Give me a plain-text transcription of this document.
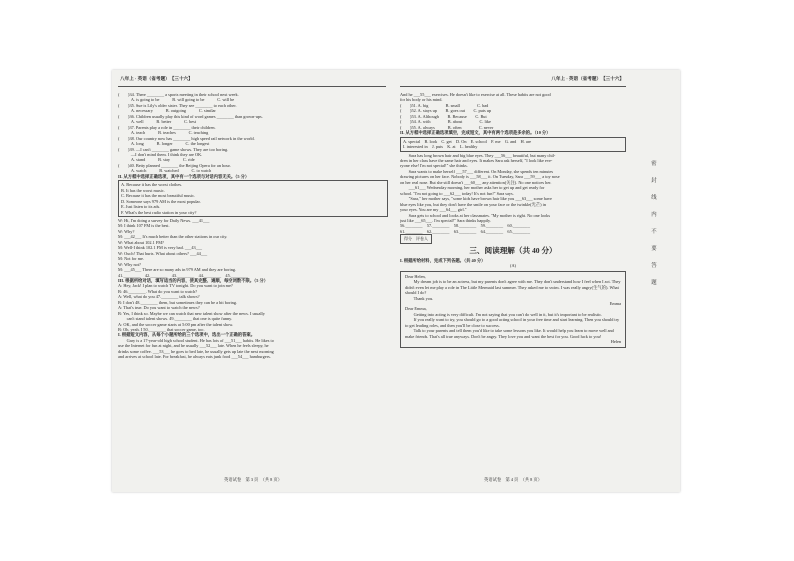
八年上 · 英语（省考题）　【三十六】
(　　)34. There ________ a sports meeting in their school next week.
　　　A. is going to be　　　B. will going to be　　　C. will be
(　　)35. Sue is Lily's older sister. They see ________ to each other.
　　　A. necessary　　　B. outgoing　　　C. similar
(　　)36. Children usually play this kind of word games ________ than grown-ups.
　　　A. well　　　B. better　　　C. best
(　　)37. Parents play a role in ________ their children.
　　　A. teach　　　B. teaches　　　C. teaching
(　　)38. Our country now has ________ high speed rail network in the world.
　　　A. long　　　B. longer　　　C. the longest
(　　)39. —I can't ________ game shows. They are too boring.
　　　—I don't mind them. I think they are OK.
　　　A. stand　　　B. stay　　　C. ride
(　　)40. Betty planned ________ the Beijing Opera for an hour.
　　　A. watch　　　B. watched　　　C. to watch
II. 从方框中选择正确选项，其中有一个选项与对话内容无关。（5 分）
A. Because it has the worst clothes.
B. It has the worst music.
C. Because it has the most beautiful music.
D. Someone says 979 AM is the most popular.
E. Just listen to its ads.
F. What's the best radio station in your city?
W: Hi, I'm doing a survey for Daily News. ___41___
M: I think 107 FM is the best.
W: Why?
M: ___42___ It's much better than the other stations in our city.
W: What about 102.1 FM?
M: Well-I think 102.1 FM is very bad. ___43___
W: Ouch! That hurts. What about others? ___44___
M: Not for me.
W: Why not?
M: ___45___ There are so many ads in 979 AM and they are boring.
41.________　42.________　43.________　44.________　45.________
III. 根据所给对话，填写适当的内容，使其完整、通顺，每空词数不限。（5 分）
A: Hey, Jack! I plan to watch TV tonight. Do you want to join me?
B: 46.________. What do you want to watch?
A: Well, what do you 47.________ talk shows?
B: I don't 48.________ them, but sometimes they can be a bit boring.
A: That's true. Do you want to watch the news?
B: Yes, I think so. Maybe we can watch that new talent show after the news. I usually
　　can't stand talent shows. 49.________ that one is quite funny.
A: OK, and the soccer game starts at 5:00 pm after the talent show.
B: Oh, yeah. I 50.________ that soccer game, too.
I. 根据短文内容，从每个小题所给的三个选项中，选出一个正确的答案。
　　Gary is a 17-year-old high school student. He has lots of ___51___ habits. He likes to
use the Internet for fun at night, and he usually ___52___ late. When he feels sleepy, he
drinks some coffee. ___53___ he goes to bed late, he usually gets up late the next morning
and arrives at school late. For breakfast, he always eats junk food ___54___ hamburgers.
英语试卷　第 3 页　（共 8 页）
八年上 · 英语（省考题）　【三十六】
And he ___55___ exercises. He doesn't like to exercise at all. These habits are not good
for his body or his mind.
(　　)51. A. big　　　　B. small　　　　C. bad
(　　)52. A. stays up　　B. goes out　　C. puts up
(　　)53. A. Although　　B. Because　　C. But
(　　)54. A. with　　　　B. about　　　　C. like
(　　)55. A. always　　　B. often　　　　C. never
II. 从方框中选择正确选项填空，完成短文，其中有两个选项是多余的。（10 分）
A. special　B. look　C. get　D. On　E. school　F. me　G. and　H. are
I. interested in　J. puts　K. at　L. healthy
　　Sara has long brown hair and big blue eyes. They ___56___ beautiful, but many chil-
dren in her class have the same hair and eyes. It makes Sara ask herself, "I look like eve-
ryone else! I'm not special!" she thinks.
　　Sara wants to make herself ___57___ different. On Monday, she spends ten minutes
drawing pictures on her face. Nobody is ___58___ it. On Tuesday, Sara ___59___ a toy nose
on her real nose. But she still doesn't ___60___ any attention(关注). No one notices her.
　　___61___ Wednesday morning, her mother asks her to get up and get ready for
school. "I'm not going to ___62___ today! It's not fun!" Sara says.
　　"Sara," her mother says, "some kids have brown hair like you ___63___ some have
blue eyes like you, but they don't have the smile on your face or the twinkle(光芒) in
your eyes. You are my ___64___ girl."
　　Sara gets to school and looks at her classmates. "My mother is right. No one looks
just like ___65___. I'm special!" Sara thinks happily.
56.________　57.________　58.________　59.________　60.________
61.________　62.________　63.________　64.________　65.________
得分　评卷人
三、阅读理解（共 40 分）
I. 根据所给材料，完成下列各题。（共 40 分）
(A)
Dear Helen,
　　My dream job is to be an actress, but my parents don't agree with me. They don't understand how I feel when I act. They didn't even let me play a role in The Little Mermaid last summer. They asked me to swim. I was really angry(生气的). What should I do?
　　Thank you.
Emma
Dear Emma,
　　Getting into acting is very difficult. I'm not saying that you can't do well in it, but it's important to be realistic.
　　If you really want to try, you should go to a good acting school in your free time and start learning. Then you should try to get leading roles, and then you'll be close to success.
　　Talk to your parents and tell them you'd like to take some lessons you like. It would help you learn to move well and make friends. That's all true anyways. Don't be angry. They love you and want the best for you. Good luck to you!
Helen
英语试卷　第 4 页　（共 8 页）
密
封
线
内
不
要
答
题
